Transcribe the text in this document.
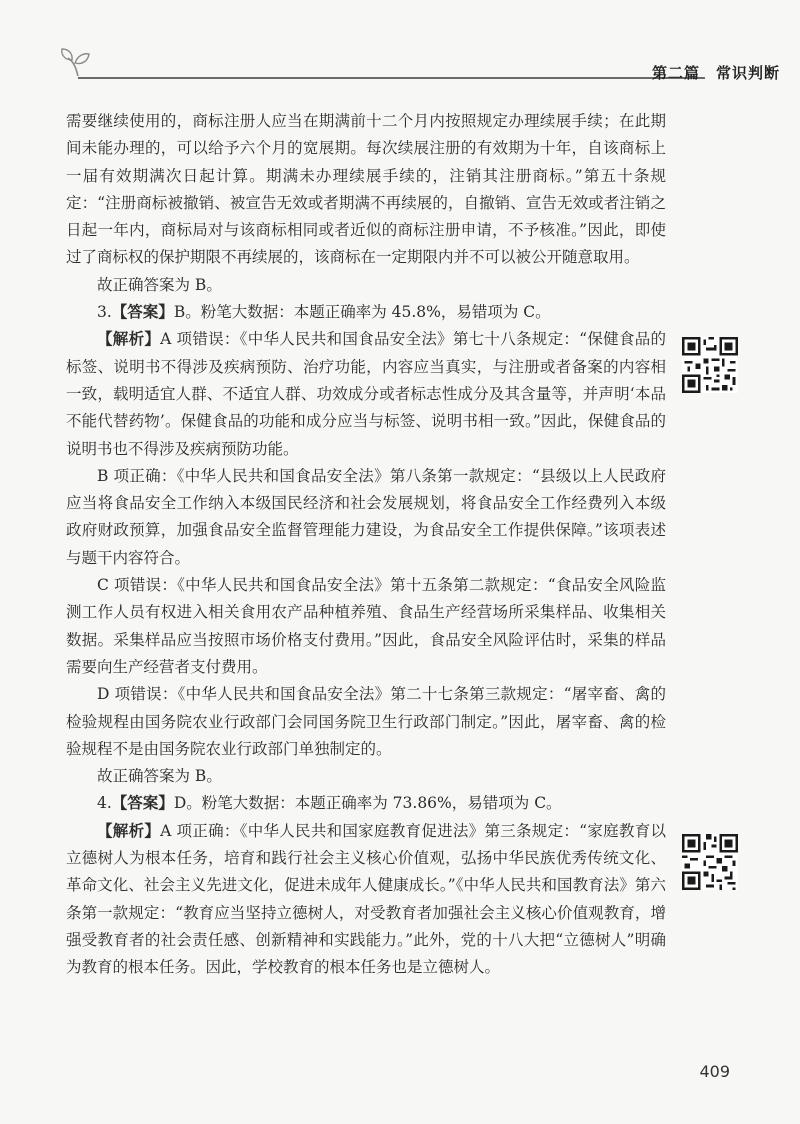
第二篇　常识判断

需要继续使用的，商标注册人应当在期满前十二个月内按照规定办理续展手续；在此期间未能办理的，可以给予六个月的宽展期。每次续展注册的有效期为十年，自该商标上一届有效期满次日起计算。期满未办理续展手续的，注销其注册商标。”第五十条规定：“注册商标被撤销、被宣告无效或者期满不再续展的，自撤销、宣告无效或者注销之日起一年内，商标局对与该商标相同或者近似的商标注册申请，不予核准。”因此，即使过了商标权的保护期限不再续展的，该商标在一定期限内并不可以被公开随意取用。

故正确答案为 B。

3.【答案】B。粉笔大数据：本题正确率为 45.8%，易错项为 C。

【解析】A 项错误：《中华人民共和国食品安全法》第七十八条规定：“保健食品的标签、说明书不得涉及疾病预防、治疗功能，内容应当真实，与注册或者备案的内容相一致，载明适宜人群、不适宜人群、功效成分或者标志性成分及其含量等，并声明‘本品不能代替药物’。保健食品的功能和成分应当与标签、说明书相一致。”因此，保健食品的说明书也不得涉及疾病预防功能。

B 项正确：《中华人民共和国食品安全法》第八条第一款规定：“县级以上人民政府应当将食品安全工作纳入本级国民经济和社会发展规划，将食品安全工作经费列入本级政府财政预算，加强食品安全监督管理能力建设，为食品安全工作提供保障。”该项表述与题干内容符合。

C 项错误：《中华人民共和国食品安全法》第十五条第二款规定：“食品安全风险监测工作人员有权进入相关食用农产品种植养殖、食品生产经营场所采集样品、收集相关数据。采集样品应当按照市场价格支付费用。”因此，食品安全风险评估时，采集的样品需要向生产经营者支付费用。

D 项错误：《中华人民共和国食品安全法》第二十七条第三款规定：“屠宰畜、禽的检验规程由国务院农业行政部门会同国务院卫生行政部门制定。”因此，屠宰畜、禽的检验规程不是由国务院农业行政部门单独制定的。

故正确答案为 B。

4.【答案】D。粉笔大数据：本题正确率为 73.86%，易错项为 C。

【解析】A 项正确：《中华人民共和国家庭教育促进法》第三条规定：“家庭教育以立德树人为根本任务，培育和践行社会主义核心价值观，弘扬中华民族优秀传统文化、革命文化、社会主义先进文化，促进未成年人健康成长。”《中华人民共和国教育法》第六条第一款规定：“教育应当坚持立德树人，对受教育者加强社会主义核心价值观教育，增强受教育者的社会责任感、创新精神和实践能力。”此外，党的十八大把“立德树人”明确为教育的根本任务。因此，学校教育的根本任务也是立德树人。

409
